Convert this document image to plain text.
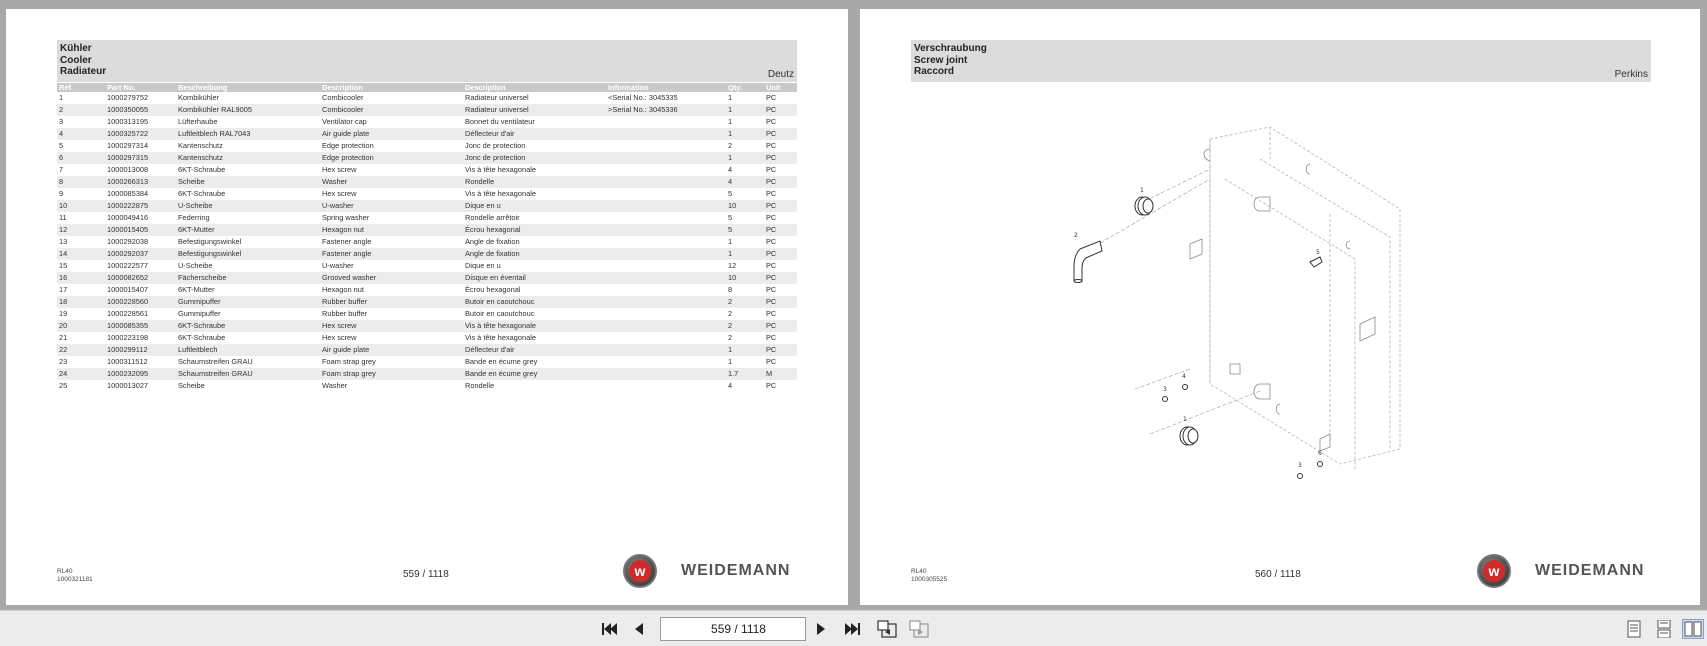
Kühler
Cooler
Radiateur	Deutz
Ref.	Part No.	Beschreibung	Description	Description	Information	Qty.	Unit
1	1000279752	Kombikühler	Combicooler	Radiateur universel	<Serial No.: 3045335	1	PC
2	1000350055	Kombikühler RAL9005	Combicooler	Radiateur universel	>Serial No.: 3045336	1	PC
3	1000313195	Lüfterhaube	Ventilator cap	Bonnet du ventilateur		1	PC
4	1000325722	Luftleitblech RAL7043	Air guide plate	Déflecteur d'air		1	PC
5	1000297314	Kantenschutz	Edge protection	Jonc de protection		2	PC
6	1000297315	Kantenschutz	Edge protection	Jonc de protection		1	PC
7	1000013008	6KT-Schraube	Hex screw	Vis à tête hexagonale		4	PC
8	1000266313	Scheibe	Washer	Rondelle		4	PC
9	1000085384	6KT-Schraube	Hex screw	Vis à tête hexagonale		5	PC
10	1000222875	U-Scheibe	U-washer	Dique en u		10	PC
11	1000049416	Federring	Spring washer	Rondelle arrêtoir		5	PC
12	1000015405	6KT-Mutter	Hexagon nut	Écrou hexagonal		5	PC
13	1000292038	Befestigungswinkel	Fastener angle	Angle de fixation		1	PC
14	1000292037	Befestigungswinkel	Fastener angle	Angle de fixation		1	PC
15	1000222577	U-Scheibe	U-washer	Dique en u		12	PC
16	1000082652	Fächerscheibe	Grooved washer	Disque en éventail		10	PC
17	1000015407	6KT-Mutter	Hexagon nut	Écrou hexagonal		8	PC
18	1000228560	Gummipuffer	Rubber buffer	Butoir en caoutchouc		2	PC
19	1000228561	Gummipuffer	Rubber buffer	Butoir en caoutchouc		2	PC
20	1000085355	6KT-Schraube	Hex screw	Vis à tête hexagonale		2	PC
21	1000223198	6KT-Schraube	Hex screw	Vis à tête hexagonale		2	PC
22	1000299112	Luftleitblech	Air guide plate	Déflecteur d'air		1	PC
23	1000311512	Schaumstreifen GRAU	Foam strap grey	Bande en écume grey		1	PC
24	1000232095	Schaumstreifen GRAU	Foam strap grey	Bande en écume grey		1.7	M
25	1000013027	Scheibe	Washer	Rondelle		4	PC
RL40
1000321181	559 / 1118	w	WEIDEMANN
Verschraubung
Screw joint
Raccord	Perkins
1
2
5
4
3
1
3
6
RL40
1000305525	560 / 1118	w	WEIDEMANN
559 / 1118
